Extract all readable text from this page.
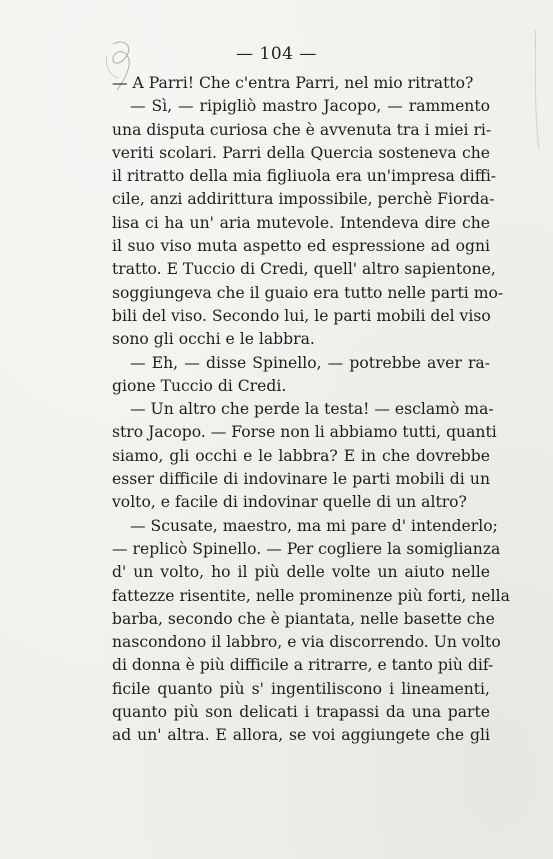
— 104 —
— A Parri! Che c'entra Parri, nel mio ritratto?
— Sì, — ripigliò mastro Jacopo, — rammento
una disputa curiosa che è avvenuta tra i miei ri-
veriti scolari. Parri della Quercia sosteneva che
il ritratto della mia figliuola era un'impresa diffi-
cile, anzi addirittura impossibile, perchè Fiorda-
lisa ci ha un' aria mutevole. Intendeva dire che
il suo viso muta aspetto ed espressione ad ogni
tratto. E Tuccio di Credi, quell' altro sapientone,
soggiungeva che il guaio era tutto nelle parti mo-
bili del viso. Secondo lui, le parti mobili del viso
sono gli occhi e le labbra.
— Eh, — disse Spinello, — potrebbe aver ra-
gione Tuccio di Credi.
— Un altro che perde la testa! — esclamò ma-
stro Jacopo. — Forse non li abbiamo tutti, quanti
siamo, gli occhi e le labbra? E in che dovrebbe
esser difficile di indovinare le parti mobili di un
volto, e facile di indovinar quelle di un altro?
— Scusate, maestro, ma mi pare d' intenderlo;
— replicò Spinello. — Per cogliere la somiglianza
d' un volto, ho il più delle volte un aiuto nelle
fattezze risentite, nelle prominenze più forti, nella
barba, secondo che è piantata, nelle basette che
nascondono il labbro, e via discorrendo. Un volto
di donna è più difficile a ritrarre, e tanto più dif-
ficile quanto più s' ingentiliscono i lineamenti,
quanto più son delicati i trapassi da una parte
ad un' altra. E allora, se voi aggiungete che gli
